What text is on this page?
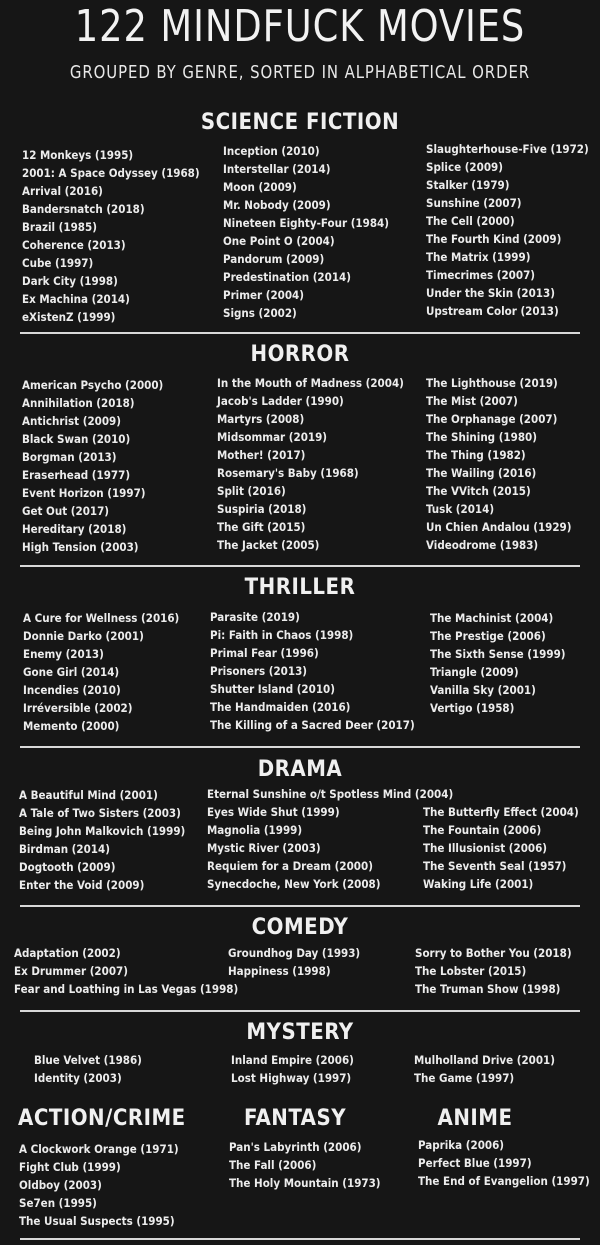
122 MINDFUCK MOVIES
GROUPED BY GENRE, SORTED IN ALPHABETICAL ORDER
SCIENCE FICTION
12 Monkeys (1995)
2001: A Space Odyssey (1968)
Arrival (2016)
Bandersnatch (2018)
Brazil (1985)
Coherence (2013)
Cube (1997)
Dark City (1998)
Ex Machina (2014)
eXistenZ (1999)
Inception (2010)
Interstellar (2014)
Moon (2009)
Mr. Nobody (2009)
Nineteen Eighty-Four (1984)
One Point O (2004)
Pandorum (2009)
Predestination (2014)
Primer (2004)
Signs (2002)
Slaughterhouse-Five (1972)
Splice (2009)
Stalker (1979)
Sunshine (2007)
The Cell (2000)
The Fourth Kind (2009)
The Matrix (1999)
Timecrimes (2007)
Under the Skin (2013)
Upstream Color (2013)
HORROR
American Psycho (2000)
Annihilation (2018)
Antichrist (2009)
Black Swan (2010)
Borgman (2013)
Eraserhead (1977)
Event Horizon (1997)
Get Out (2017)
Hereditary (2018)
High Tension (2003)
In the Mouth of Madness (2004)
Jacob's Ladder (1990)
Martyrs (2008)
Midsommar (2019)
Mother! (2017)
Rosemary's Baby (1968)
Split (2016)
Suspiria (2018)
The Gift (2015)
The Jacket (2005)
The Lighthouse (2019)
The Mist (2007)
The Orphanage (2007)
The Shining (1980)
The Thing (1982)
The Wailing (2016)
The VVitch (2015)
Tusk (2014)
Un Chien Andalou (1929)
Videodrome (1983)
THRILLER
A Cure for Wellness (2016)
Donnie Darko (2001)
Enemy (2013)
Gone Girl (2014)
Incendies (2010)
Irréversible (2002)
Memento (2000)
Parasite (2019)
Pi: Faith in Chaos (1998)
Primal Fear (1996)
Prisoners (2013)
Shutter Island (2010)
The Handmaiden (2016)
The Killing of a Sacred Deer (2017)
The Machinist (2004)
The Prestige (2006)
The Sixth Sense (1999)
Triangle (2009)
Vanilla Sky (2001)
Vertigo (1958)
DRAMA
A Beautiful Mind (2001)
A Tale of Two Sisters (2003)
Being John Malkovich (1999)
Birdman (2014)
Dogtooth (2009)
Enter the Void (2009)
Eternal Sunshine o/t Spotless Mind (2004)
Eyes Wide Shut (1999)
Magnolia (1999)
Mystic River (2003)
Requiem for a Dream (2000)
Synecdoche, New York (2008)
The Butterfly Effect (2004)
The Fountain (2006)
The Illusionist (2006)
The Seventh Seal (1957)
Waking Life (2001)
COMEDY
Adaptation (2002)
Ex Drummer (2007)
Fear and Loathing in Las Vegas (1998)
Groundhog Day (1993)
Happiness (1998)
Sorry to Bother You (2018)
The Lobster (2015)
The Truman Show (1998)
MYSTERY
Blue Velvet (1986)
Identity (2003)
Inland Empire (2006)
Lost Highway (1997)
Mulholland Drive (2001)
The Game (1997)
ACTION/CRIME	FANTASY	ANIME
A Clockwork Orange (1971)
Fight Club (1999)
Oldboy (2003)
Se7en (1995)
The Usual Suspects (1995)
Pan's Labyrinth (2006)
The Fall (2006)
The Holy Mountain (1973)
Paprika (2006)
Perfect Blue (1997)
The End of Evangelion (1997)
